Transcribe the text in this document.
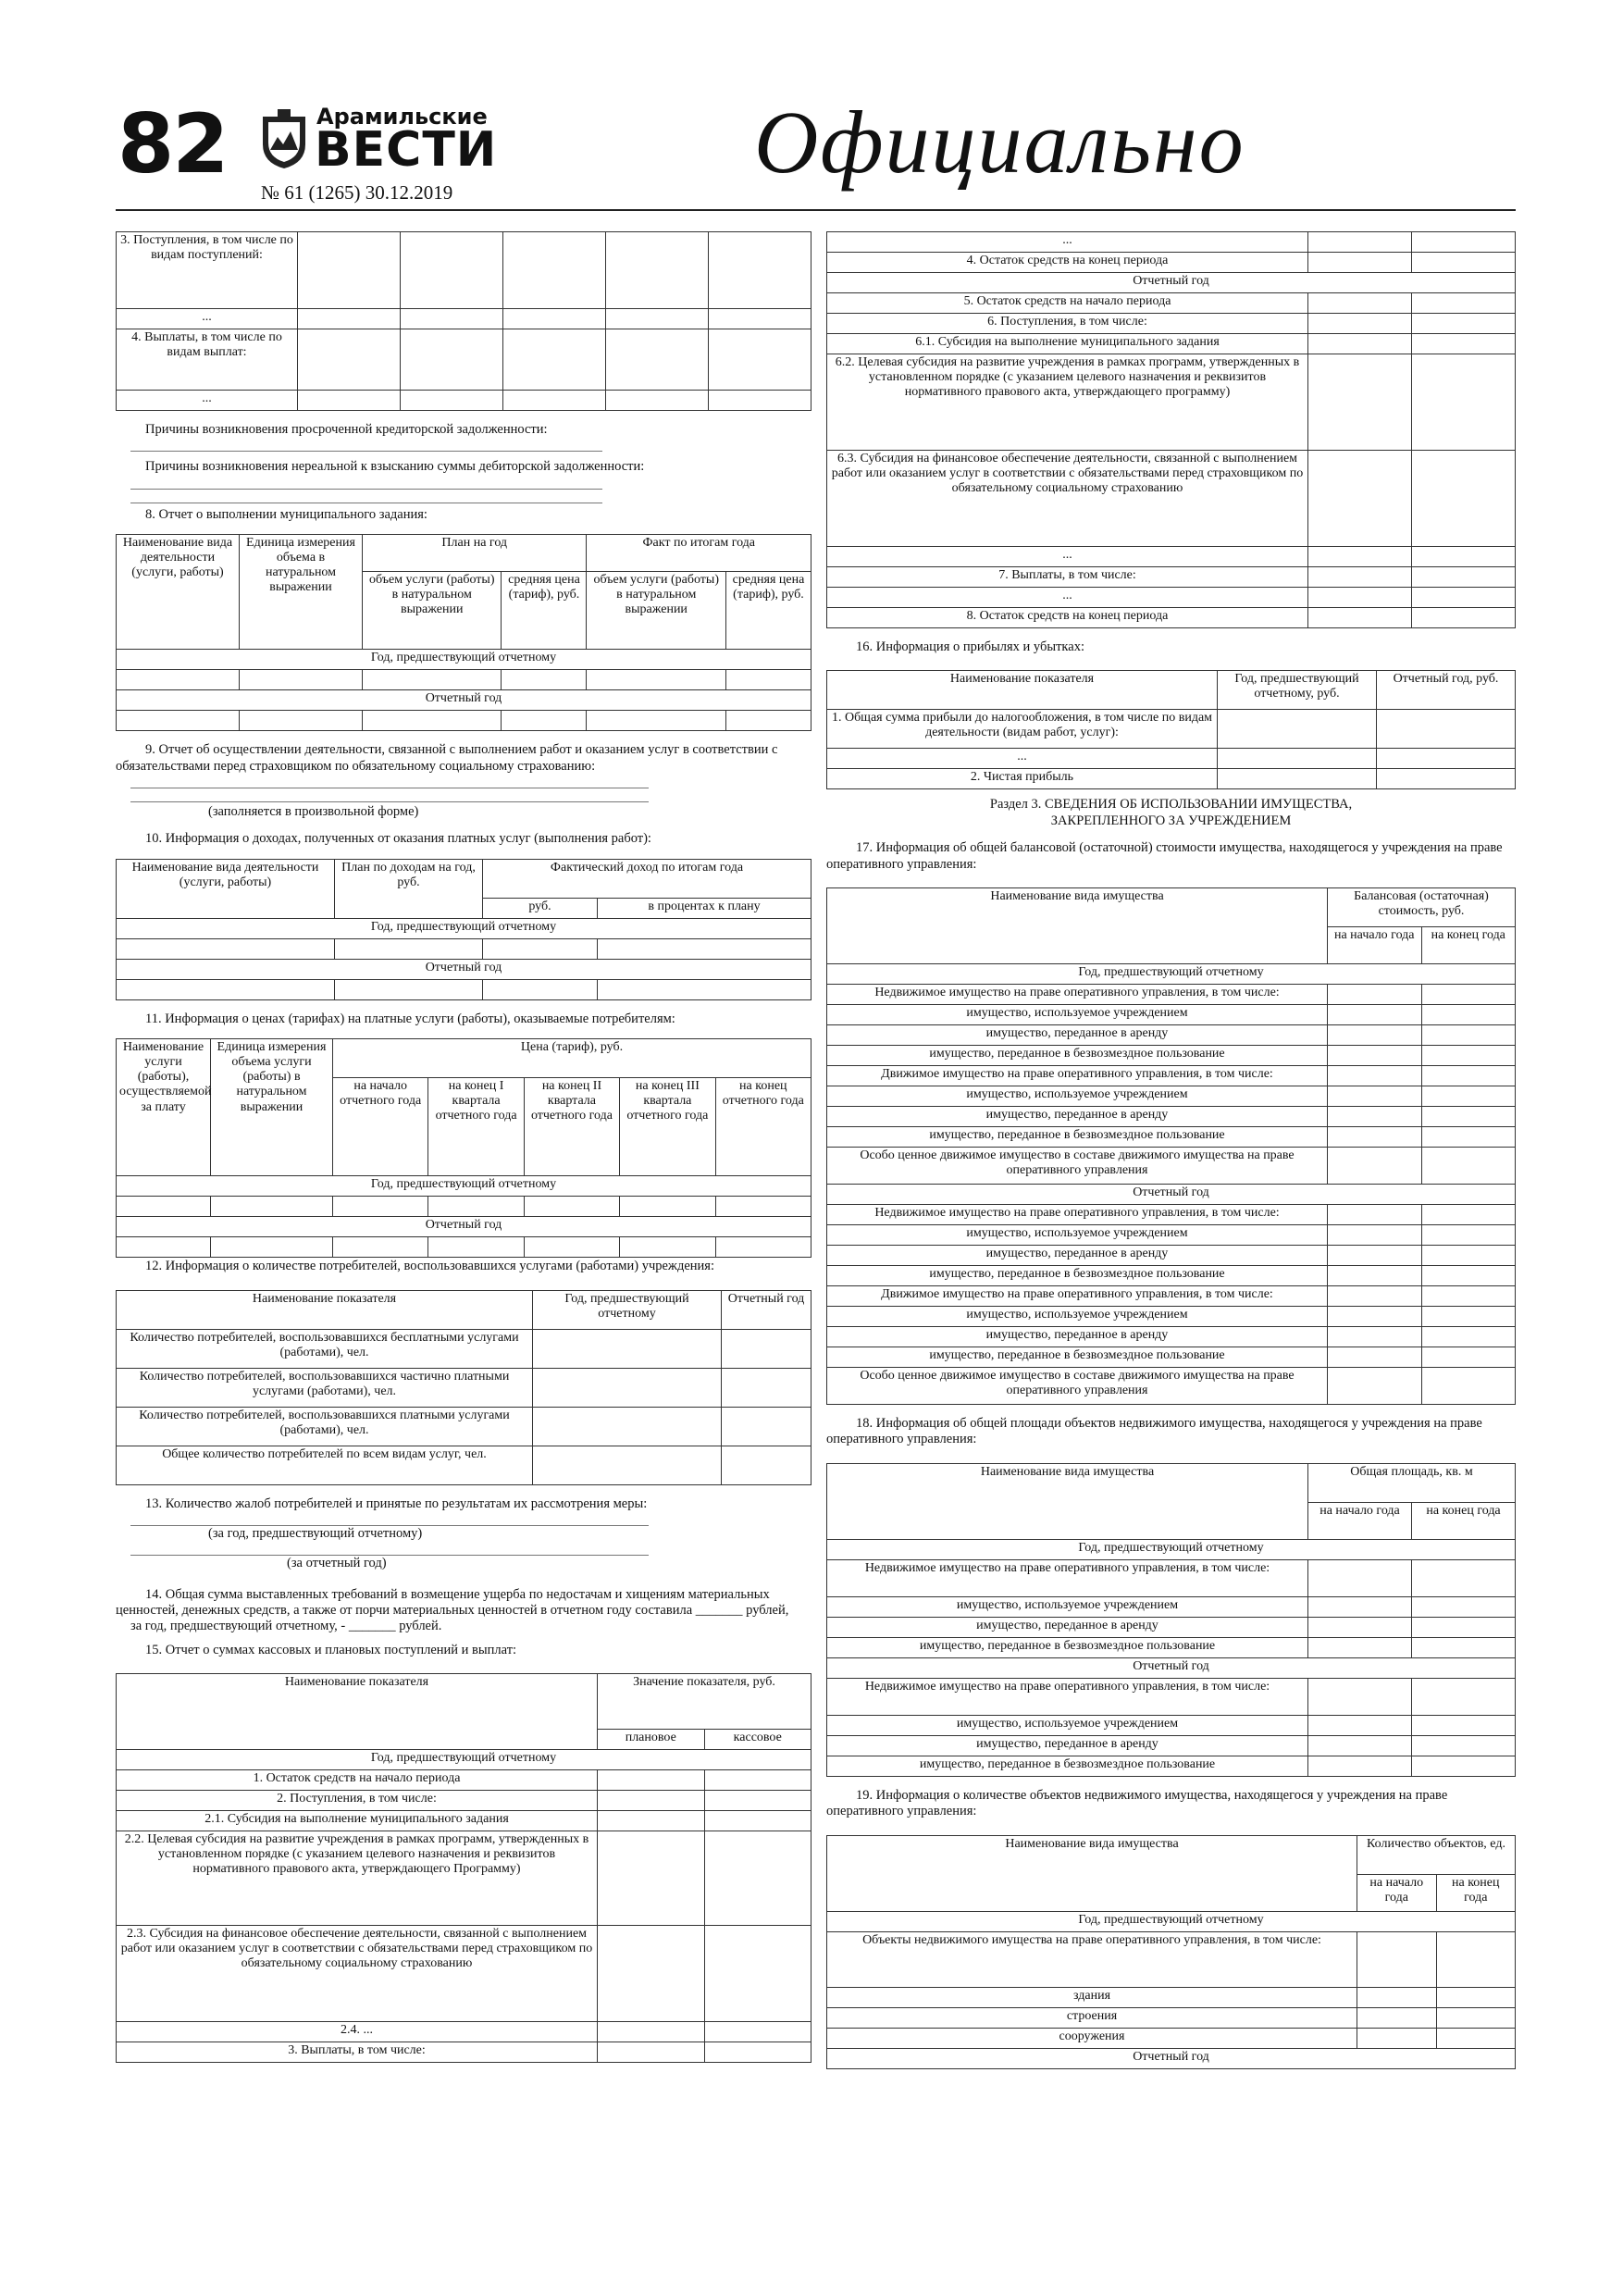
82	Арамильские
ВЕСТИ
№ 61 (1265) 30.12.2019
Официально
3. Поступления, в том числе по видам поступлений:					
...					
4. Выплаты, в том числе по видам выплат:					
...					

Причины возникновения просроченной кредиторской задолженности:

Причины возникновения нереальной к взысканию суммы дебиторской задолженности:

8. Отчет о выполнении муниципального задания:

Наименование вида деятельности (услуги, работы)	Единица измерения объема в натуральном выражении	План на год		Факт по итогам года	
		объем услуги (работы) в натуральном выражении	средняя цена (тариф), руб.	объем услуги (работы) в натуральном выражении	средняя цена (тариф), руб.
Год, предшествующий отчетному					

Отчетный год					

9. Отчет об осуществлении деятельности, связанной с выполнением работ и оказанием услуг в соответствии с обязательствами перед страховщиком по обязательному социальному страхованию:

(заполняется в произвольной форме)

10. Информация о доходах, полученных от оказания платных услуг (выполнения работ):

Наименование вида деятельности (услуги, работы)	План по доходам на год, руб.	Фактический доход по итогам года	
		руб.	в процентах к плану
Год, предшествующий отчетному			

Отчетный год			

11. Информация о ценах (тарифах) на платные услуги (работы), оказываемые потребителям:

Наименование услуги (работы), осуществляемой за плату	Единица измерения объема услуги (работы) в натуральном выражении	Цена (тариф), руб.				
		на начало отчетного года	на конец I квартала отчетного года	на конец II квартала отчетного года	на конец III квартала отчетного года	на конец отчетного года
Год, предшествующий отчетному						

Отчетный год						

12. Информация о количестве потребителей, воспользовавшихся услугами (работами) учреждения:

Наименование показателя	Год, предшествующий отчетному	Отчетный год
Количество потребителей, воспользовавшихся бесплатными услугами (работами), чел.		
Количество потребителей, воспользовавшихся частично платными услугами (работами), чел.		
Количество потребителей, воспользовавшихся платными услугами (работами), чел.		
Общее количество потребителей по всем видам услуг, чел.		

13. Количество жалоб потребителей и принятые по результатам их рассмотрения меры:

(за год, предшествующий отчетному)

(за отчетный год)

14. Общая сумма выставленных требований в возмещение ущерба по недостачам и хищениям материальных ценностей, денежных средств, а также от порчи материальных ценностей в отчетном году составила _______ рублей,

за год, предшествующий отчетному, - _______ рублей.

15. Отчет о суммах кассовых и плановых поступлений и выплат:

Наименование показателя	Значение показателя, руб.	
	плановое	кассовое
Год, предшествующий отчетному		
1. Остаток средств на начало периода		
2. Поступления, в том числе:		
2.1. Субсидия на выполнение муниципального задания		
2.2. Целевая субсидия на развитие учреждения в рамках программ, утвержденных в установленном порядке (с указанием целевого назначения и реквизитов нормативного правового акта, утверждающего Программу)		
2.3. Субсидия на финансовое обеспечение деятельности, связанной с выполнением работ или оказанием услуг в соответствии с обязательствами перед страховщиком по обязательному социальному страхованию		
2.4. ...		
3. Выплаты, в том числе:		
...		
4. Остаток средств на конец периода		
Отчетный год		
5. Остаток средств на начало периода		
6. Поступления, в том числе:		
6.1. Субсидия на выполнение муниципального задания		
6.2. Целевая субсидия на развитие учреждения в рамках программ, утвержденных в установленном порядке (с указанием целевого назначения и реквизитов нормативного правового акта, утверждающего программу)		
6.3. Субсидия на финансовое обеспечение деятельности, связанной с выполнением работ или оказанием услуг в соответствии с обязательствами перед страховщиком по обязательному социальному страхованию		
...		
7. Выплаты, в том числе:		
...		
8. Остаток средств на конец периода		

16. Информация о прибылях и убытках:

Наименование показателя	Год, предшествующий отчетному, руб.	Отчетный год, руб.
1. Общая сумма прибыли до налогообложения, в том числе по видам деятельности (видам работ, услуг):		
...		
2. Чистая прибыль		

Раздел 3. СВЕДЕНИЯ ОБ ИСПОЛЬЗОВАНИИ ИМУЩЕСТВА,

ЗАКРЕПЛЕННОГО ЗА УЧРЕЖДЕНИЕМ

17. Информация об общей балансовой (остаточной) стоимости имущества, находящегося у учреждения на праве оперативного управления:

Наименование вида имущества	Балансовая (остаточная) стоимость, руб.	
	на начало года	на конец года
Год, предшествующий отчетному		
Недвижимое имущество на праве оперативного управления, в том числе:		
имущество, используемое учреждением		
имущество, переданное в аренду		
имущество, переданное в безвозмездное пользование		
Движимое имущество на праве оперативного управления, в том числе:		
имущество, используемое учреждением		
имущество, переданное в аренду		
имущество, переданное в безвозмездное пользование		
Особо ценное движимое имущество в составе движимого имущества на праве оперативного управления		
Отчетный год		
Недвижимое имущество на праве оперативного управления, в том числе:		
имущество, используемое учреждением		
имущество, переданное в аренду		
имущество, переданное в безвозмездное пользование		
Движимое имущество на праве оперативного управления, в том числе:		
имущество, используемое учреждением		
имущество, переданное в аренду		
имущество, переданное в безвозмездное пользование		
Особо ценное движимое имущество в составе движимого имущества на праве оперативного управления		

18. Информация об общей площади объектов недвижимого имущества, находящегося у учреждения на праве оперативного управления:

Наименование вида имущества	Общая площадь, кв. м	
	на начало года	на конец года
Год, предшествующий отчетному		
Недвижимое имущество на праве оперативного управления, в том числе:		
имущество, используемое учреждением		
имущество, переданное в аренду		
имущество, переданное в безвозмездное пользование		
Отчетный год		
Недвижимое имущество на праве оперативного управления, в том числе:		
имущество, используемое учреждением		
имущество, переданное в аренду		
имущество, переданное в безвозмездное пользование		

19. Информация о количестве объектов недвижимого имущества, находящегося у учреждения на праве оперативного управления:

Наименование вида имущества	Количество объектов, ед.	
	на начало года	на конец года
Год, предшествующий отчетному		
Объекты недвижимого имущества на праве оперативного управления, в том числе:		
здания		
строения		
сооружения		
Отчетный год		
